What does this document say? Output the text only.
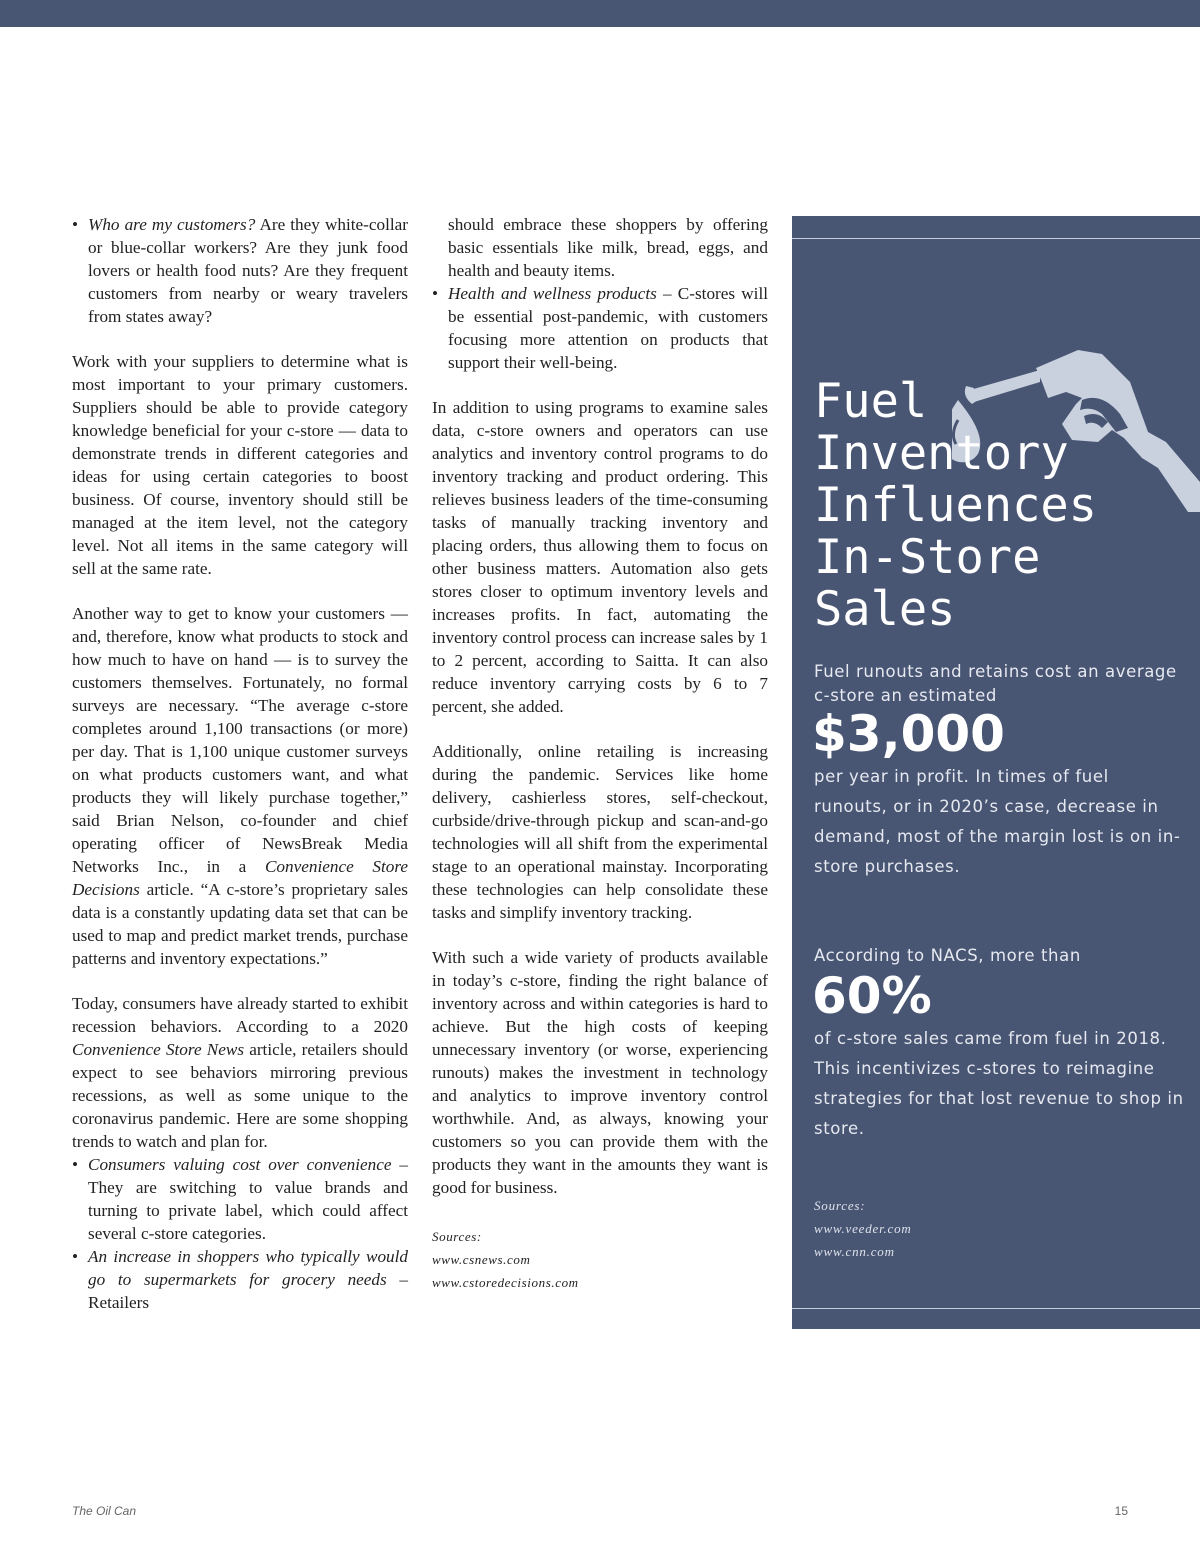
• Who are my customers? Are they white-collar or blue-collar workers? Are they junk food lovers or health food nuts? Are they frequent customers from nearby or weary travelers from states away?

Work with your suppliers to determine what is most important to your primary customers. Suppliers should be able to provide category knowledge beneficial for your c-store — data to demonstrate trends in different categories and ideas for using certain categories to boost business. Of course, inventory should still be managed at the item level, not the category level. Not all items in the same category will sell at the same rate.

Another way to get to know your customers — and, therefore, know what products to stock and how much to have on hand — is to survey the customers themselves. Fortunately, no formal surveys are necessary. “The average c-store completes around 1,100 transactions (or more) per day. That is 1,100 unique customer surveys on what products customers want, and what products they will likely purchase together,” said Brian Nelson, co-founder and chief operating officer of NewsBreak Media Networks Inc., in a Convenience Store Decisions article. “A c-store’s proprietary sales data is a constantly updating data set that can be used to map and predict market trends, purchase patterns and inventory expectations.”

Today, consumers have already started to exhibit recession behaviors. According to a 2020 Convenience Store News article, retailers should expect to see behaviors mirroring previous recessions, as well as some unique to the coronavirus pandemic. Here are some shopping trends to watch and plan for.

• Consumers valuing cost over convenience – They are switching to value brands and turning to private label, which could affect several c-store categories.
• An increase in shoppers who typically would go to supermarkets for grocery needs – Retailers
should embrace these shoppers by offering basic essentials like milk, bread, eggs, and health and beauty items.
• Health and wellness products – C-stores will be essential post-pandemic, with customers focusing more attention on products that support their well-being.

In addition to using programs to examine sales data, c-store owners and operators can use analytics and inventory control programs to do inventory tracking and product ordering. This relieves business leaders of the time-consuming tasks of manually tracking inventory and placing orders, thus allowing them to focus on other business matters. Automation also gets stores closer to optimum inventory levels and increases profits. In fact, automating the inventory control process can increase sales by 1 to 2 percent, according to Saitta. It can also reduce inventory carrying costs by 6 to 7 percent, she added.

Additionally, online retailing is increasing during the pandemic. Services like home delivery, cashierless stores, self-checkout, curbside/drive-through pickup and scan-and-go technologies will all shift from the experimental stage to an operational mainstay. Incorporating these technologies can help consolidate these tasks and simplify inventory tracking.

With such a wide variety of products available in today’s c-store, finding the right balance of inventory across and within categories is hard to achieve. But the high costs of keeping unnecessary inventory (or worse, experiencing runouts) makes the investment in technology and analytics to improve inventory control worthwhile. And, as always, knowing your customers so you can provide them with the products they want in the amounts they want is good for business.

Sources:
www.csnews.com
www.cstoredecisions.com
Fuel
Inventory
Influences
In-Store
Sales
Fuel runouts and retains cost an average c-store an estimated
$3,000
per year in profit. In times of fuel runouts, or in 2020’s case, decrease in demand, most of the margin lost is on in-store purchases.
According to NACS, more than
60%
of c-store sales came from fuel in 2018. This incentivizes c-stores to reimagine strategies for that lost revenue to shop in store.
Sources:
www.veeder.com
www.cnn.com
The Oil Can	15
